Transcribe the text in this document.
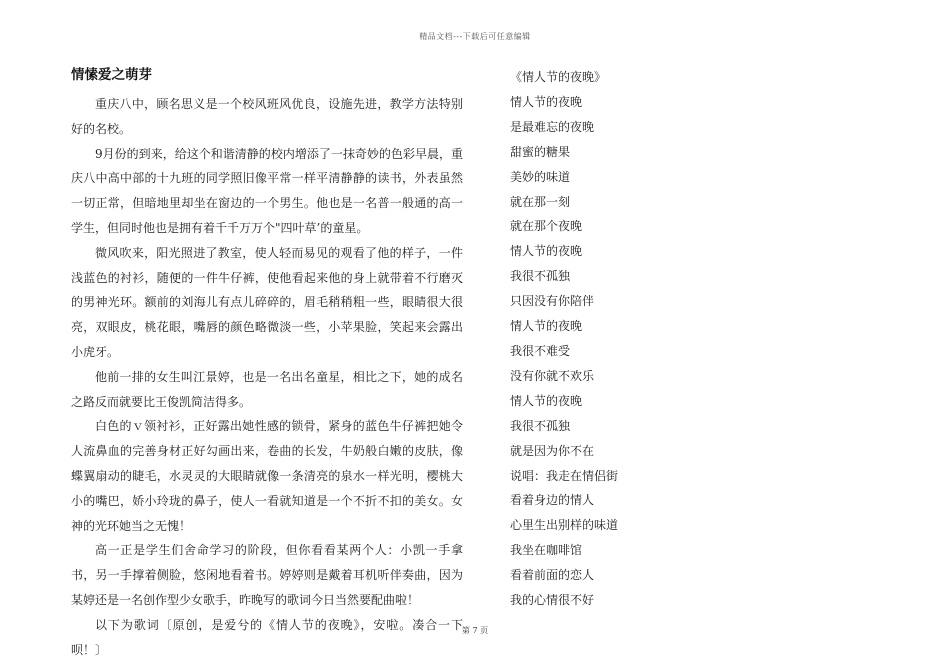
精品文档---下载后可任意编辑
情愫爱之萌芽

重庆八中，顾名思义是一个校风班风优良，设施先进，教学方法特别好的名校。

9月份的到来，给这个和谐清静的校内增添了一抹奇妙的色彩早晨，重庆八中高中部的十九班的同学照旧像平常一样平清静静的读书，外表虽然一切正常，但暗地里却坐在窗边的一个男生。他也是一名普一般通的高一学生，但同时他也是拥有着千千万万个"四叶草’的童星。

微风吹来，阳光照进了教室，使人轻而易见的观看了他的样子，一件浅蓝色的衬衫，随便的一件牛仔裤，使他看起来他的身上就带着不行磨灭的男神光环。额前的刘海儿有点儿碎碎的，眉毛稍稍粗一些，眼睛很大很亮，双眼皮，桃花眼，嘴唇的颜色略微淡一些，小苹果脸，笑起来会露出小虎牙。

他前一排的女生叫江景婷，也是一名出名童星，相比之下，她的成名之路反而就要比王俊凯简洁得多。

白色的ｖ领衬衫，正好露出她性感的锁骨，紧身的蓝色牛仔裤把她令人流鼻血的完善身材正好勾画出来，卷曲的长发，牛奶般白嫩的皮肤，像蝶翼扇动的睫毛，水灵灵的大眼睛就像一条清亮的泉水一样光明，樱桃大小的嘴巴，娇小玲珑的鼻子，使人一看就知道是一个不折不扣的美女。女神的光环她当之无愧！

高一正是学生们舍命学习的阶段，但你看看某两个人：小凯一手拿书，另一手撑着侧脸，悠闲地看着书。婷婷则是戴着耳机听伴奏曲，因为某婷还是一名创作型少女歌手，昨晚写的歌词今日当然要配曲啦！

以下为歌词〔原创，是爱兮的《情人节的夜晚》，安啦。凑合一下呗！〕

《情人节的夜晚》
情人节的夜晚
是最难忘的夜晚
甜蜜的糖果
美妙的味道
就在那一刻
就在那个夜晚
情人节的夜晚
我很不孤独
只因没有你陪伴
情人节的夜晚
我很不难受
没有你就不欢乐
情人节的夜晚
我很不孤独
就是因为你不在
说唱：我走在情侣街
看着身边的情人
心里生出别样的味道
我坐在咖啡馆
看着前面的恋人
我的心情很不好
第 7 页
